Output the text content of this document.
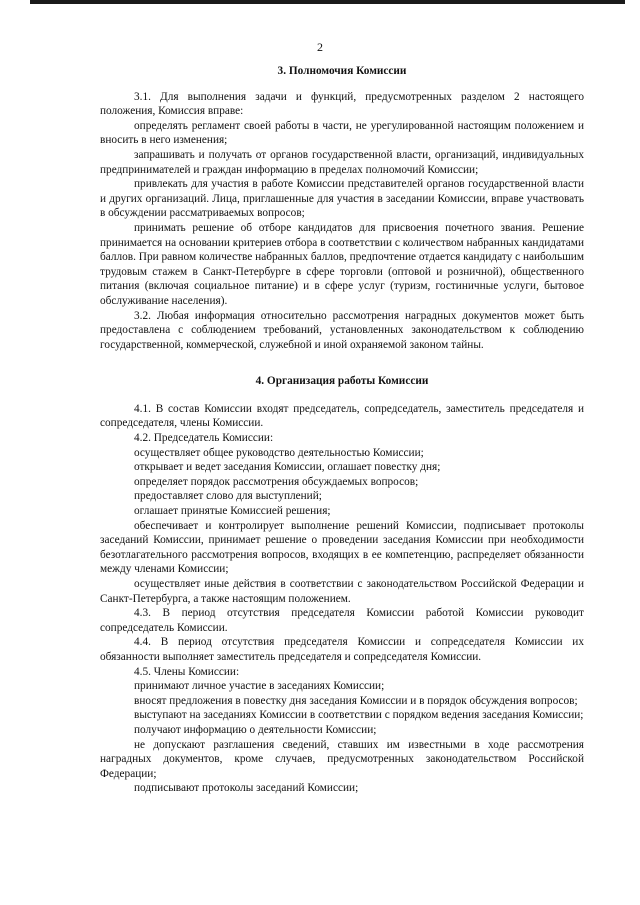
2
3. Полномочия Комиссии

3.1. Для выполнения задачи и функций, предусмотренных разделом 2 настоящего положения, Комиссия вправе:

определять регламент своей работы в части, не урегулированной настоящим положением и вносить в него изменения;

запрашивать и получать от органов государственной власти, организаций, индивидуальных предпринимателей и граждан информацию в пределах полномочий Комиссии;

привлекать для участия в работе Комиссии представителей органов государственной власти и других организаций. Лица, приглашенные для участия в заседании Комиссии, вправе участвовать в обсуждении рассматриваемых вопросов;

принимать решение об отборе кандидатов для присвоения почетного звания. Решение принимается на основании критериев отбора в соответствии с количеством набранных кандидатами баллов. При равном количестве набранных баллов, предпочтение отдается кандидату с наибольшим трудовым стажем в Санкт-Петербурге в сфере торговли (оптовой и розничной), общественного питания (включая социальное питание) и в сфере услуг (туризм, гостиничные услуги, бытовое обслуживание населения).

3.2. Любая информация относительно рассмотрения наградных документов может быть предоставлена с соблюдением требований, установленных законодательством к соблюдению государственной, коммерческой, служебной и иной охраняемой законом тайны.

4. Организация работы Комиссии

4.1. В состав Комиссии входят председатель, сопредседатель, заместитель председателя и сопредседателя, члены Комиссии.

4.2. Председатель Комиссии:

осуществляет общее руководство деятельностью Комиссии;

открывает и ведет заседания Комиссии, оглашает повестку дня;

определяет порядок рассмотрения обсуждаемых вопросов;

предоставляет слово для выступлений;

оглашает принятые Комиссией решения;

обеспечивает и контролирует выполнение решений Комиссии, подписывает протоколы заседаний Комиссии, принимает решение о проведении заседания Комиссии при необходимости безотлагательного рассмотрения вопросов, входящих в ее компетенцию, распределяет обязанности между членами Комиссии;

осуществляет иные действия в соответствии с законодательством Российской Федерации и Санкт-Петербурга, а также настоящим положением.

4.3. В период отсутствия председателя Комиссии работой Комиссии руководит сопредседатель Комиссии.

4.4. В период отсутствия председателя Комиссии и сопредседателя Комиссии их обязанности выполняет заместитель председателя и сопредседателя Комиссии.

4.5. Члены Комиссии:

принимают личное участие в заседаниях Комиссии;

вносят предложения в повестку дня заседания Комиссии и в порядок обсуждения вопросов;

выступают на заседаниях Комиссии в соответствии с порядком ведения заседания Комиссии;

получают информацию о деятельности Комиссии;

не допускают разглашения сведений, ставших им известными в ходе рассмотрения наградных документов, кроме случаев, предусмотренных законодательством Российской Федерации;

подписывают протоколы заседаний Комиссии;
